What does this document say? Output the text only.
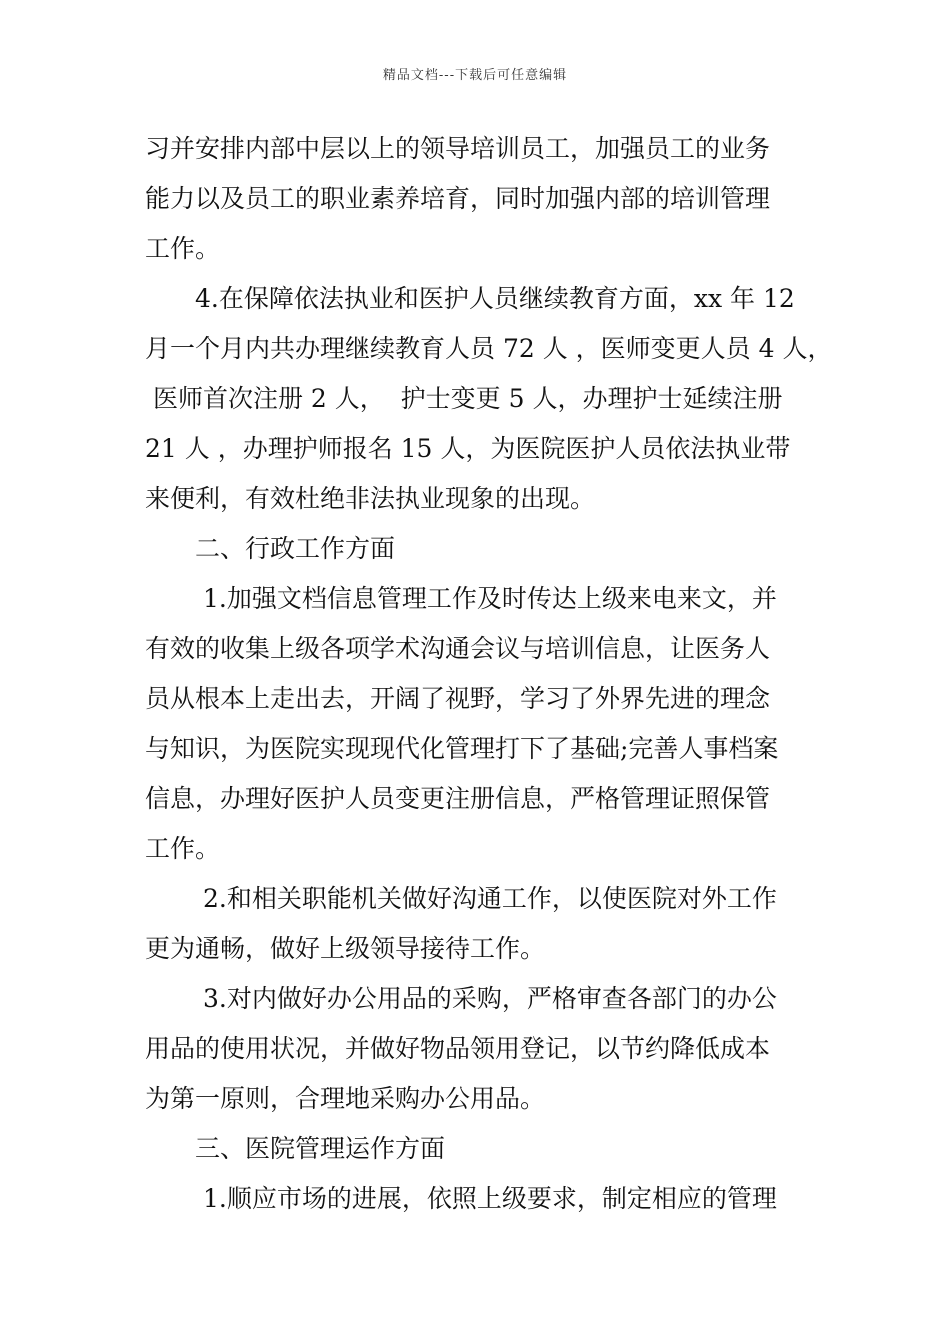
精品文档---下载后可任意编辑
习并安排内部中层以上的领导培训员工，加强员工的业务
能力以及员工的职业素养培育，同时加强内部的培训管理
工作。
4.在保障依法执业和医护人员继续教育方面，xx 年 12
月一个月内共办理继续教育人员 72 人 ，医师变更人员 4 人，
医师首次注册 2 人，  护士变更 5 人，办理护士延续注册
21 人 ，办理护师报名 15 人，为医院医护人员依法执业带
来便利，有效杜绝非法执业现象的出现。
二、行政工作方面
1.加强文档信息管理工作及时传达上级来电来文，并
有效的收集上级各项学术沟通会议与培训信息，让医务人
员从根本上走出去，开阔了视野，学习了外界先进的理念
与知识，为医院实现现代化管理打下了基础;完善人事档案
信息，办理好医护人员变更注册信息，严格管理证照保管
工作。
2.和相关职能机关做好沟通工作，以使医院对外工作
更为通畅，做好上级领导接待工作。
3.对内做好办公用品的采购，严格审查各部门的办公
用品的使用状况，并做好物品领用登记，以节约降低成本
为第一原则，合理地采购办公用品。
三、医院管理运作方面
1.顺应市场的进展，依照上级要求，制定相应的管理
